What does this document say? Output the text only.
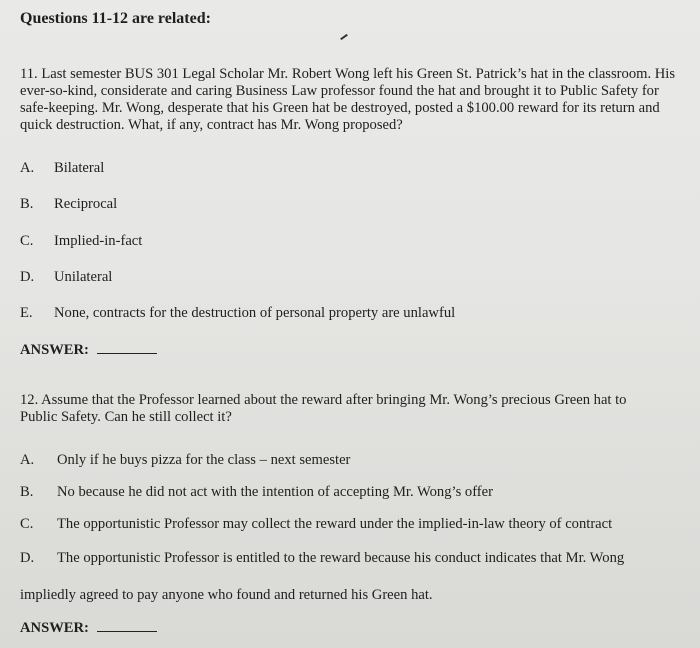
Questions 11-12 are related:
11. Last semester BUS 301 Legal Scholar Mr. Robert Wong left his Green St. Patrick’s hat in the classroom. His ever-so-kind, considerate and caring Business Law professor found the hat and brought it to Public Safety for safe-keeping. Mr. Wong, desperate that his Green hat be destroyed, posted a $100.00 reward for its return and quick destruction. What, if any, contract has Mr. Wong proposed?
A. Bilateral
B. Reciprocal
C. Implied-in-fact
D. Unilateral
E. None, contracts for the destruction of personal property are unlawful
ANSWER:
12. Assume that the Professor learned about the reward after bringing Mr. Wong’s precious Green hat to Public Safety. Can he still collect it?
A. Only if he buys pizza for the class – next semester
B. No because he did not act with the intention of accepting Mr. Wong’s offer
C. The opportunistic Professor may collect the reward under the implied-in-law theory of contract
D. The opportunistic Professor is entitled to the reward because his conduct indicates that Mr. Wong
impliedly agreed to pay anyone who found and returned his Green hat.
ANSWER:
